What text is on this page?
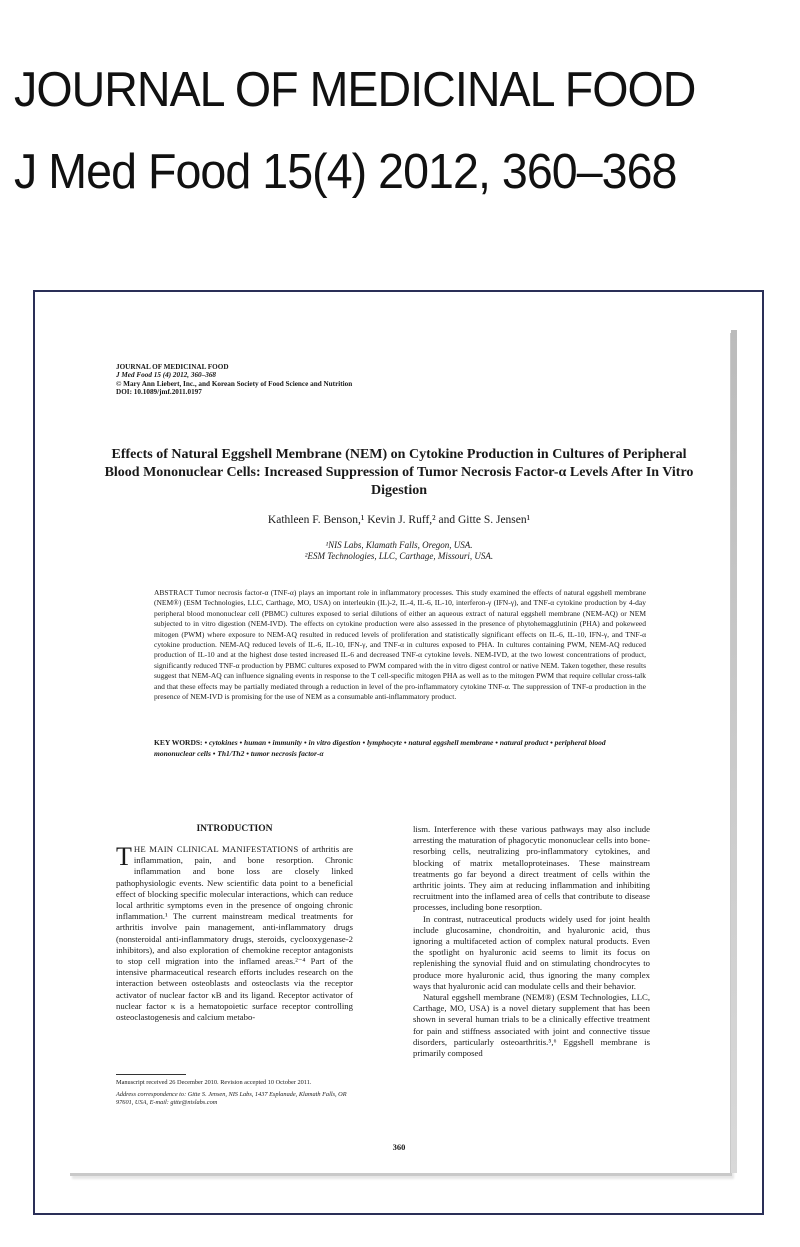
JOURNAL OF MEDICINAL FOOD
J Med Food 15(4) 2012, 360–368
JOURNAL OF MEDICINAL FOOD
J Med Food 15 (4) 2012, 360–368
© Mary Ann Liebert, Inc., and Korean Society of Food Science and Nutrition
DOI: 10.1089/jmf.2011.0197
Effects of Natural Eggshell Membrane (NEM) on Cytokine Production in Cultures of Peripheral Blood Mononuclear Cells: Increased Suppression of Tumor Necrosis Factor-α Levels After In Vitro Digestion
Kathleen F. Benson,¹ Kevin J. Ruff,² and Gitte S. Jensen¹
¹NIS Labs, Klamath Falls, Oregon, USA.
²ESM Technologies, LLC, Carthage, Missouri, USA.
ABSTRACT Tumor necrosis factor-α (TNF-α) plays an important role in inflammatory processes. This study examined the effects of natural eggshell membrane (NEM®) (ESM Technologies, LLC, Carthage, MO, USA) on interleukin (IL)-2, IL-4, IL-6, IL-10, interferon-γ (IFN-γ), and TNF-α cytokine production by 4-day peripheral blood mononuclear cell (PBMC) cultures exposed to serial dilutions of either an aqueous extract of natural eggshell membrane (NEM-AQ) or NEM subjected to in vitro digestion (NEM-IVD). The effects on cytokine production were also assessed in the presence of phytohemagglutinin (PHA) and pokeweed mitogen (PWM) where exposure to NEM-AQ resulted in reduced levels of proliferation and statistically significant effects on IL-6, IL-10, IFN-γ, and TNF-α cytokine production. NEM-AQ reduced levels of IL-6, IL-10, IFN-γ, and TNF-α in cultures exposed to PHA. In cultures containing PWM, NEM-AQ reduced production of IL-10 and at the highest dose tested increased IL-6 and decreased TNF-α cytokine levels. NEM-IVD, at the two lowest concentrations of product, significantly reduced TNF-α production by PBMC cultures exposed to PWM compared with the in vitro digest control or native NEM. Taken together, these results suggest that NEM-AQ can influence signaling events in response to the T cell-specific mitogen PHA as well as to the mitogen PWM that require cellular cross-talk and that these effects may be partially mediated through a reduction in level of the pro-inflammatory cytokine TNF-α. The suppression of TNF-α production in the presence of NEM-IVD is promising for the use of NEM as a consumable anti-inflammatory product.
KEY WORDS: • cytokines • human • immunity • in vitro digestion • lymphocyte • natural eggshell membrane • natural product • peripheral blood mononuclear cells • Th1/Th2 • tumor necrosis factor-α
INTRODUCTION

THE MAIN CLINICAL MANIFESTATIONS of arthritis are inflammation, pain, and bone resorption. Chronic inflammation and bone loss are closely linked pathophysiologic events. New scientific data point to a beneficial effect of blocking specific molecular interactions, which can reduce local arthritic symptoms even in the presence of ongoing chronic inflammation.¹ The current mainstream medical treatments for arthritis involve pain management, anti-inflammatory drugs (nonsteroidal anti-inflammatory drugs, steroids, cyclooxygenase-2 inhibitors), and also exploration of chemokine receptor antagonists to stop cell migration into the inflamed areas.²⁻⁴ Part of the intensive pharmaceutical research efforts includes research on the interaction between osteoblasts and osteoclasts via the receptor activator of nuclear factor κB and its ligand. Receptor activator of nuclear factor κ is a hematopoietic surface receptor controlling osteoclastogenesis and calcium metabo-

lism. Interference with these various pathways may also include arresting the maturation of phagocytic mononuclear cells into bone-resorbing cells, neutralizing pro-inflammatory cytokines, and blocking of matrix metalloproteinases. These mainstream treatments go far beyond a direct treatment of cells within the arthritic joints. They aim at reducing inflammation and inhibiting recruitment into the inflamed area of cells that contribute to disease processes, including bone resorption.

In contrast, nutraceutical products widely used for joint health include glucosamine, chondroitin, and hyaluronic acid, thus ignoring a multifaceted action of complex natural products. Even the spotlight on hyaluronic acid seems to limit its focus on replenishing the synovial fluid and on stimulating chondrocytes to produce more hyaluronic acid, thus ignoring the many complex ways that hyaluronic acid can modulate cells and their behavior.

Natural eggshell membrane (NEM®) (ESM Technologies, LLC, Carthage, MO, USA) is a novel dietary supplement that has been shown in several human trials to be a clinically effective treatment for pain and stiffness associated with joint and connective tissue disorders, particularly osteoarthritis.⁵,⁶ Eggshell membrane is primarily composed

Manuscript received 26 December 2010. Revision accepted 10 October 2011.
Address correspondence to: Gitte S. Jensen, NIS Labs, 1437 Esplanade, Klamath Falls, OR 97601, USA, E-mail: gitte@nislabs.com
360
